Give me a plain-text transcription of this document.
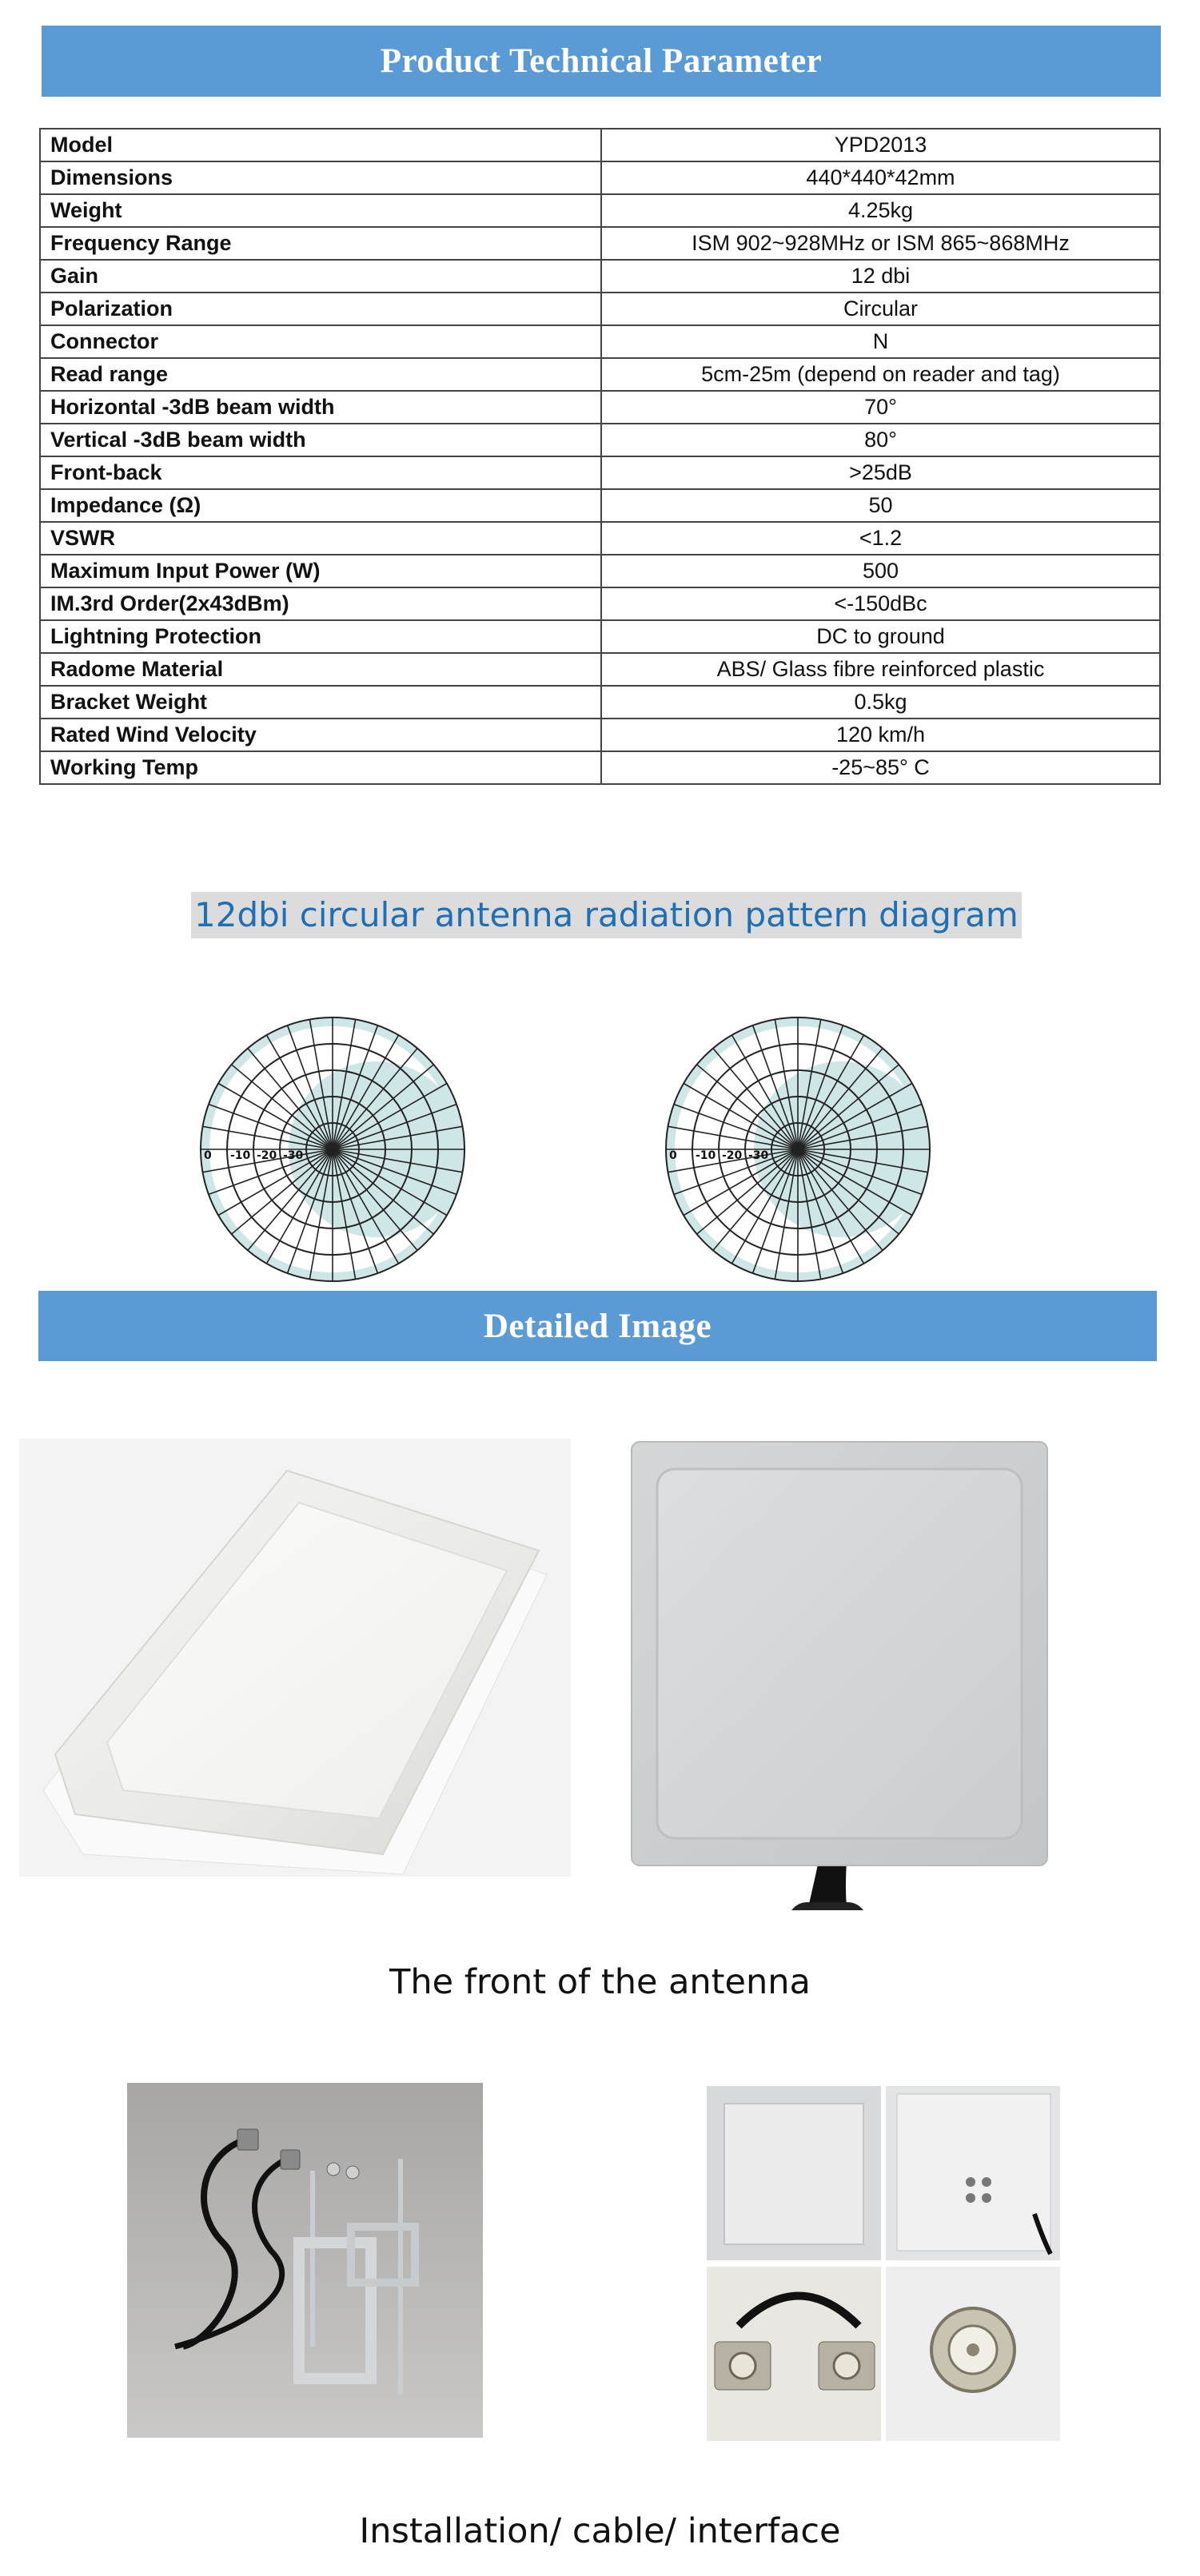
Product Technical Parameter
Model	YPD2013
Dimensions	440*440*42mm
Weight	4.25kg
Frequency Range	ISM 902~928MHz or ISM 865~868MHz
Gain	12 dbi
Polarization	Circular
Connector	N
Read range	5cm-25m (depend on reader and tag)
Horizontal -3dB beam width	70°
Vertical -3dB beam width	80°
Front-back	>25dB
Impedance (Ω)	50
VSWR	<1.2
Maximum Input Power (W)	500
IM.3rd Order(2x43dBm)	<-150dBc
Lightning Protection	DC to ground
Radome Material	ABS/ Glass fibre reinforced plastic
Bracket Weight	0.5kg
Rated Wind Velocity	120 km/h
Working Temp	-25~85° C
12dbi circular antenna radiation pattern diagram
0 -10 -20 -30	0 -10 -20 -30
Detailed Image
The front of the antenna
Installation/ cable/ interface
